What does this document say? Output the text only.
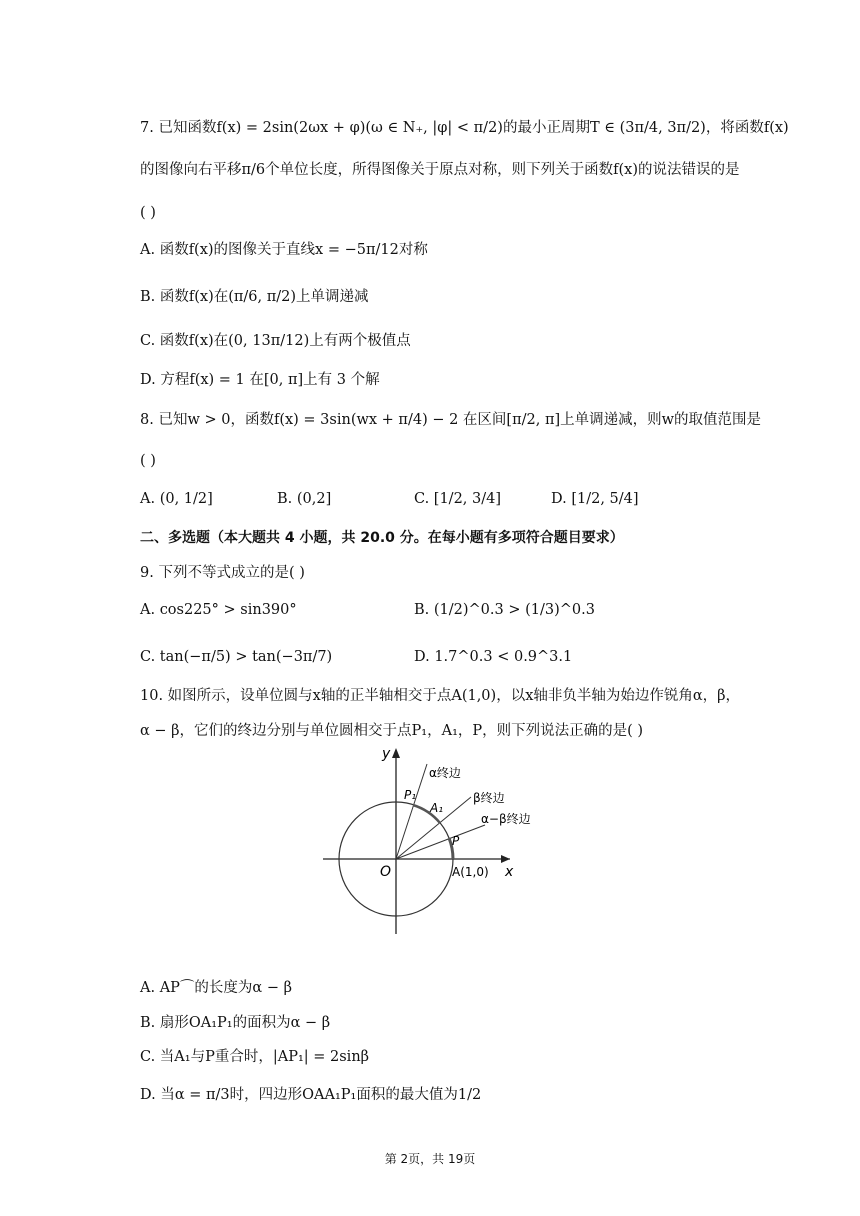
7. 已知函数f(x) = 2sin(2ωx + φ)(ω ∈ N₊, |φ| < π/2)的最小正周期T ∈ (3π/4, 3π/2)，将函数f(x)
的图像向右平移π/6个单位长度，所得图像关于原点对称，则下列关于函数f(x)的说法错误的是
( )
A. 函数f(x)的图像关于直线x = −5π/12对称
B. 函数f(x)在(π/6, π/2)上单调递减
C. 函数f(x)在(0, 13π/12)上有两个极值点
D. 方程f(x) = 1 在[0, π]上有 3 个解
8. 已知w > 0，函数f(x) = 3sin(wx + π/4) − 2 在区间[π/2, π]上单调递减，则w的取值范围是
( )
A. (0, 1/2]	B. (0,2]	C. [1/2, 3/4]	D. [1/2, 5/4]
二、多选题（本大题共 4 小题，共 20.0 分。在每小题有多项符合题目要求）
9. 下列不等式成立的是( )
A. cos225° > sin390°	B. (1/2)^0.3 > (1/3)^0.3
C. tan(−π/5) > tan(−3π/7)	D. 1.7^0.3 < 0.9^3.1
10. 如图所示，设单位圆与x轴的正半轴相交于点A(1,0)，以x轴非负半轴为始边作锐角α，β，
α − β，它们的终边分别与单位圆相交于点P₁，A₁，P，则下列说法正确的是( )
y
x
O
α终边
β终边
α−β终边
P₁
A₁
P
A(1,0)
A. AP⌒的长度为α − β
B. 扇形OA₁P₁的面积为α − β
C. 当A₁与P重合时，|AP₁| = 2sinβ
D. 当α = π/3时，四边形OAA₁P₁面积的最大值为1/2
第 2页，共 19页
